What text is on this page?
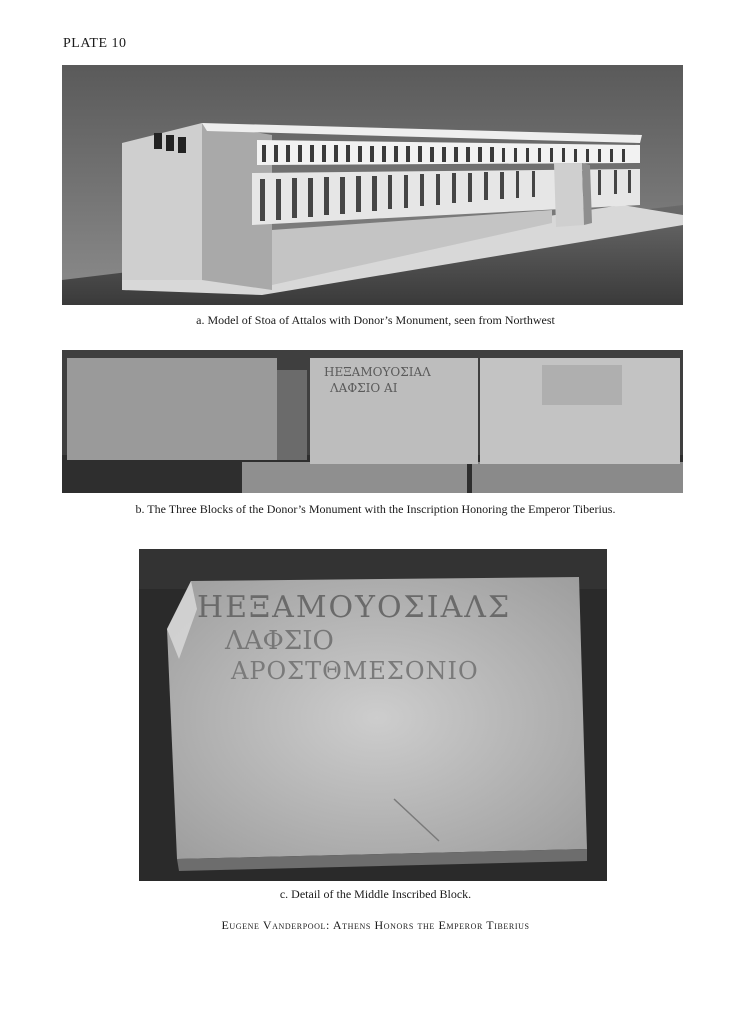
PLATE 10
a. Model of Stoa of Attalos with Donor’s Monument, seen from Northwest
ΗΕΞΑΜΟΥΟΣΙΑΛ
ΛΑΦΣΙΟ ΑΙ
b. The Three Blocks of the Donor’s Monument with the Inscription Honoring the Emperor Tiberius.
ΗΕΞΑΜΟΥΟΣΙΑΛΣ
ΛΑΦΣΙΟ
ΑΡΟΣΤΘΜΕΣΟΝΙΟ
c. Detail of the Middle Inscribed Block.
Eugene Vanderpool: Athens Honors the Emperor Tiberius
